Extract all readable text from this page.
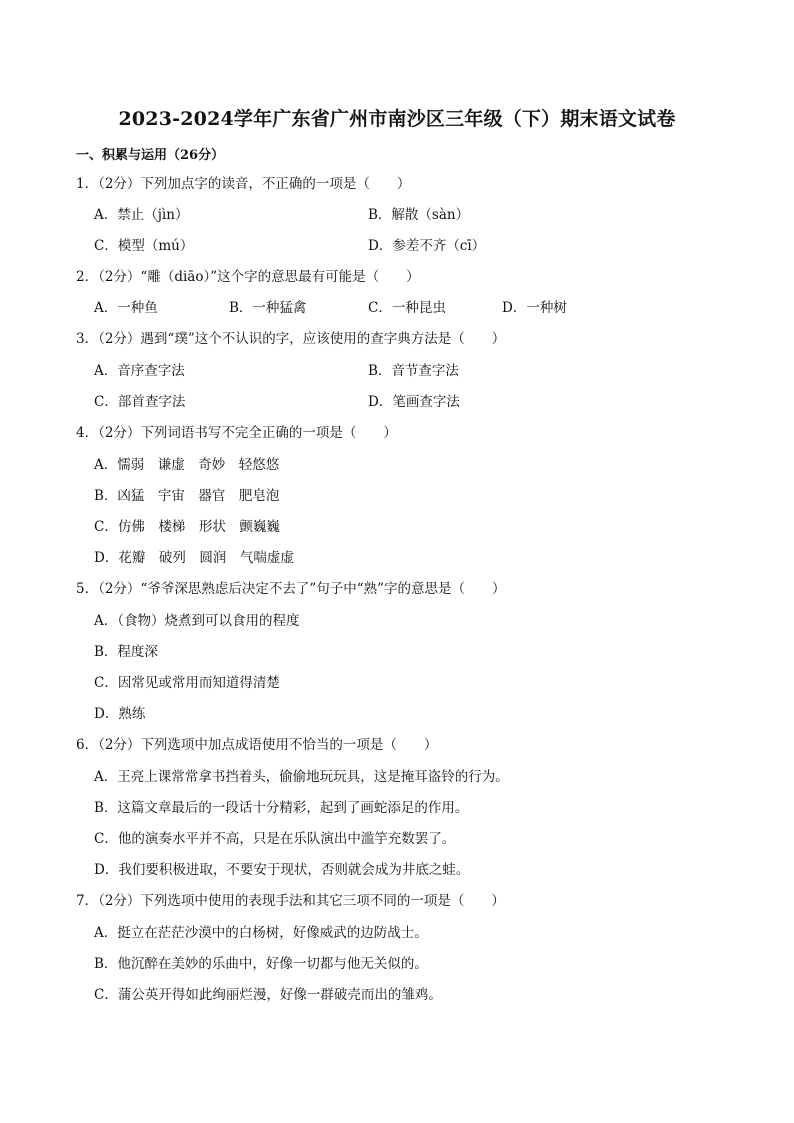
2023-2024学年广东省广州市南沙区三年级（下）期末语文试卷
一、积累与运用（26分）
1．（2分）下列加点字的读音，不正确的一项是（　　）
A．禁止（jìn）	B．解散（sàn）
C．模型（mú）	D．参差不齐（cī）
2．（2分）“雕（diāo）”这个字的意思最有可能是（　　）
A．一种鱼	B．一种猛禽	C．一种昆虫	D．一种树
3．（2分）遇到“璞”这个不认识的字，应该使用的查字典方法是（　　）
A．音序查字法	B．音节查字法
C．部首查字法	D．笔画查字法
4．（2分）下列词语书写不完全正确的一项是（　　）
A．懦弱　谦虚　奇妙　轻悠悠
B．凶猛　宇宙　器官　肥皂泡
C．仿佛　楼梯　形状　颤巍巍
D．花瓣　破列　圆润　气喘虚虚
5．（2分）“爷爷深思熟虑后决定不去了”句子中“熟”字的意思是（　　）
A．（食物）烧煮到可以食用的程度
B．程度深
C．因常见或常用而知道得清楚
D．熟练
6．（2分）下列选项中加点成语使用不恰当的一项是（　　）
A．王亮上课常常拿书挡着头，偷偷地玩玩具，这是掩耳盗铃的行为。
B．这篇文章最后的一段话十分精彩，起到了画蛇添足的作用。
C．他的演奏水平并不高，只是在乐队演出中滥竽充数罢了。
D．我们要积极进取，不要安于现状，否则就会成为井底之蛙。
7．（2分）下列选项中使用的表现手法和其它三项不同的一项是（　　）
A．挺立在茫茫沙漠中的白杨树，好像威武的边防战士。
B．他沉醉在美妙的乐曲中，好像一切都与他无关似的。
C．蒲公英开得如此绚丽烂漫，好像一群破壳而出的雏鸡。
